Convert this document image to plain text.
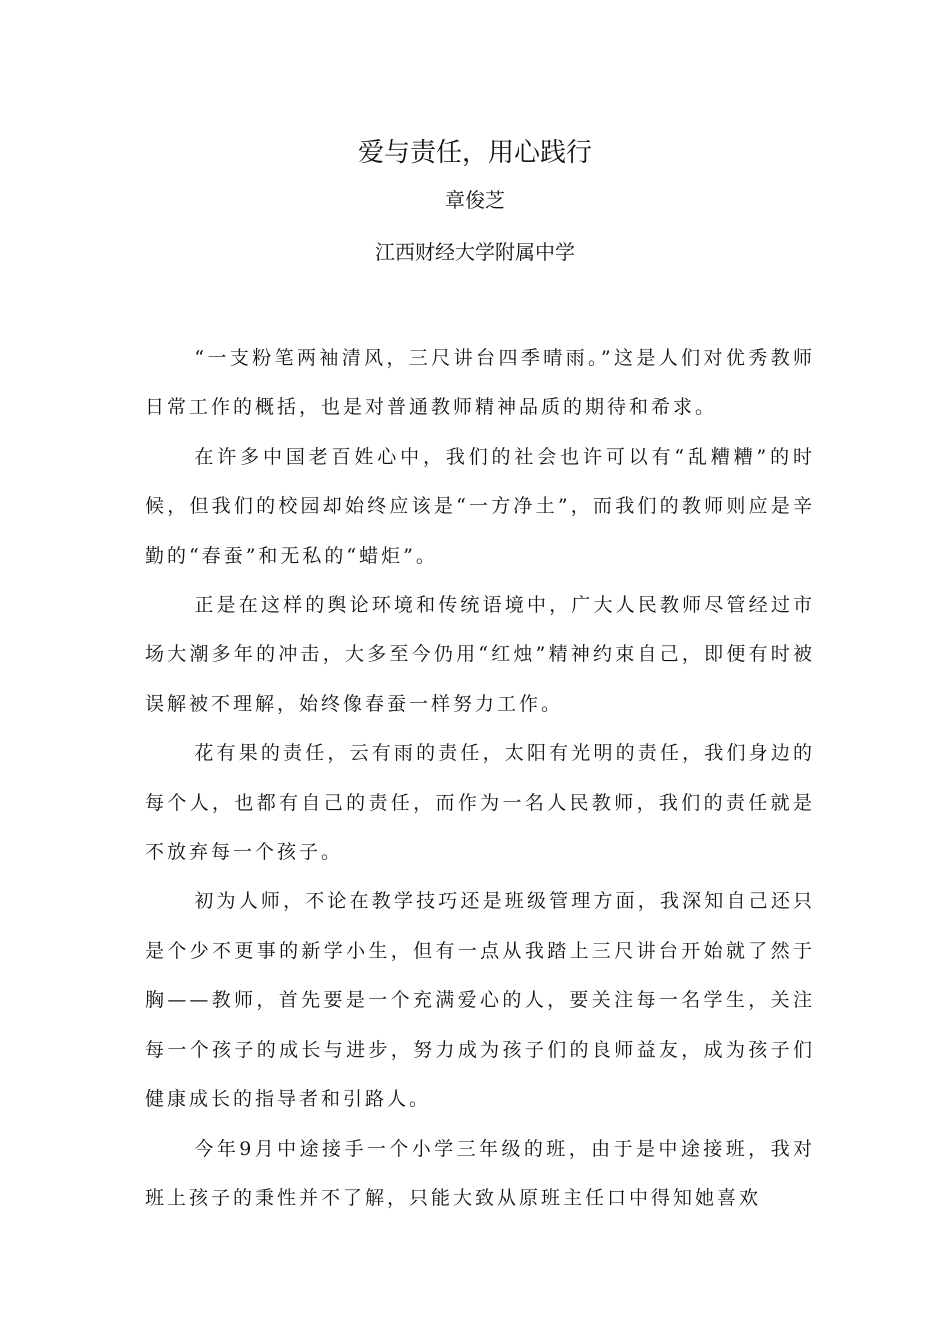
爱与责任，用心践行
章俊芝
江西财经大学附属中学

“一支粉笔两袖清风，三尺讲台四季晴雨。”这是人们对优秀教师日常工作的概括，也是对普通教师精神品质的期待和希求。

在许多中国老百姓心中，我们的社会也许可以有“乱糟糟”的时候，但我们的校园却始终应该是“一方净土”，而我们的教师则应是辛勤的“春蚕”和无私的“蜡炬”。

正是在这样的舆论环境和传统语境中，广大人民教师尽管经过市场大潮多年的冲击，大多至今仍用“红烛”精神约束自己，即便有时被误解被不理解，始终像春蚕一样努力工作。

花有果的责任，云有雨的责任，太阳有光明的责任，我们身边的每个人，也都有自己的责任，而作为一名人民教师，我们的责任就是不放弃每一个孩子。

初为人师，不论在教学技巧还是班级管理方面，我深知自己还只是个少不更事的新学小生，但有一点从我踏上三尺讲台开始就了然于胸——教师，首先要是一个充满爱心的人，要关注每一名学生，关注每一个孩子的成长与进步，努力成为孩子们的良师益友，成为孩子们健康成长的指导者和引路人。

今年9月中途接手一个小学三年级的班，由于是中途接班，我对班上孩子的秉性并不了解，只能大致从原班主任口中得知她喜欢
